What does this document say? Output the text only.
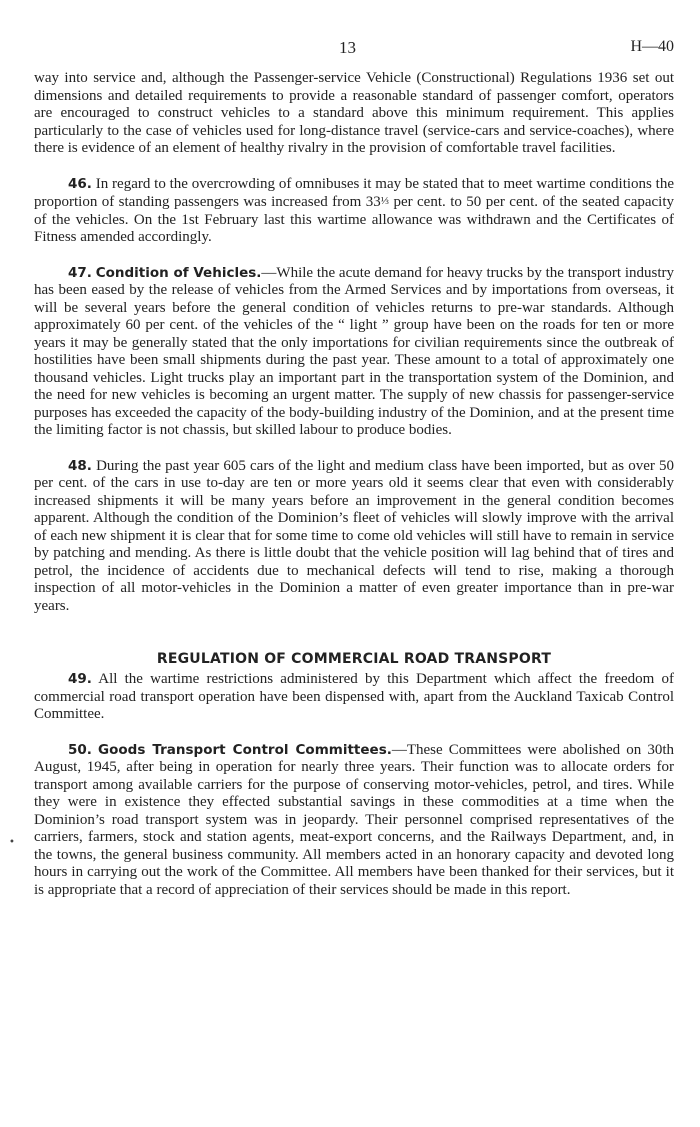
•
13	H—40

way into service and, although the Passenger-service Vehicle (Constructional) Regulations 1936 set out dimensions and detailed requirements to provide a reasonable standard of passenger comfort, operators are encouraged to construct vehicles to a standard above this minimum requirement. This applies particularly to the case of vehicles used for long-distance travel (service-cars and service-coaches), where there is evidence of an element of healthy rivalry in the provision of comfortable travel facilities.

46. In regard to the overcrowding of omnibuses it may be stated that to meet wartime conditions the proportion of standing passengers was increased from 33⅓ per cent. to 50 per cent. of the seated capacity of the vehicles. On the 1st February last this wartime allowance was withdrawn and the Certificates of Fitness amended accordingly.

47. Condition of Vehicles.—While the acute demand for heavy trucks by the transport industry has been eased by the release of vehicles from the Armed Services and by importations from overseas, it will be several years before the general condition of vehicles returns to pre-war standards. Although approximately 60 per cent. of the vehicles of the “ light ” group have been on the roads for ten or more years it may be generally stated that the only importations for civilian requirements since the outbreak of hostilities have been small shipments during the past year. These amount to a total of approximately one thousand vehicles. Light trucks play an important part in the transportation system of the Dominion, and the need for new vehicles is becoming an urgent matter. The supply of new chassis for passenger-service purposes has exceeded the capacity of the body-building industry of the Dominion, and at the present time the limiting factor is not chassis, but skilled labour to produce bodies.

48. During the past year 605 cars of the light and medium class have been imported, but as over 50 per cent. of the cars in use to-day are ten or more years old it seems clear that even with considerably increased shipments it will be many years before an improvement in the general condition becomes apparent. Although the condition of the Dominion’s fleet of vehicles will slowly improve with the arrival of each new shipment it is clear that for some time to come old vehicles will still have to remain in service by patching and mending. As there is little doubt that the vehicle position will lag behind that of tires and petrol, the incidence of accidents due to mechanical defects will tend to rise, making a thorough inspection of all motor-vehicles in the Dominion a matter of even greater importance than in pre-war years.

REGULATION OF COMMERCIAL ROAD TRANSPORT

49. All the wartime restrictions administered by this Department which affect the freedom of commercial road transport operation have been dispensed with, apart from the Auckland Taxicab Control Committee.

50. Goods Transport Control Committees.—These Committees were abolished on 30th August, 1945, after being in operation for nearly three years. Their function was to allocate orders for transport among available carriers for the purpose of conserving motor-vehicles, petrol, and tires. While they were in existence they effected substantial savings in these commodities at a time when the Dominion’s road transport system was in jeopardy. Their personnel comprised representatives of the carriers, farmers, stock and station agents, meat-export concerns, and the Railways Department, and, in the towns, the general business community. All members acted in an honorary capacity and devoted long hours in carrying out the work of the Committee. All members have been thanked for their services, but it is appropriate that a record of appreciation of their services should be made in this report.
